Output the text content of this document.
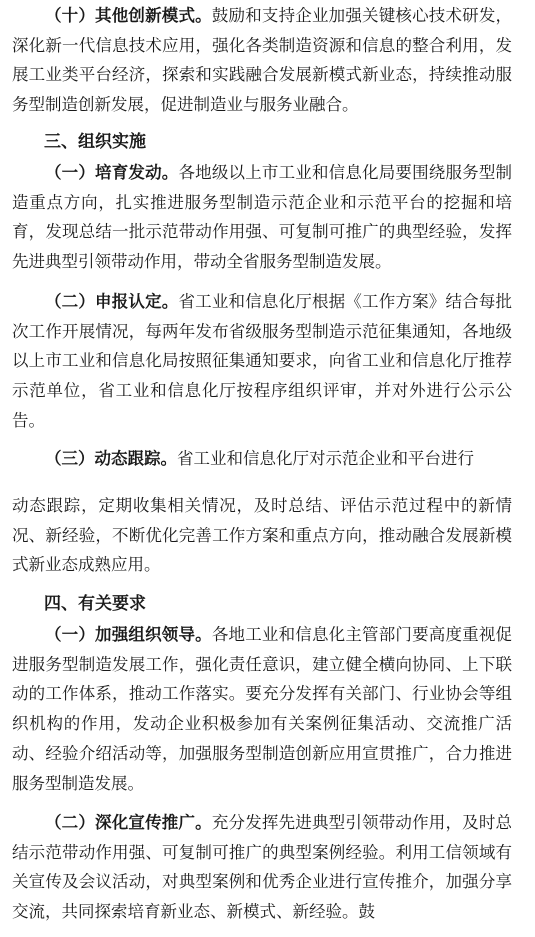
（十）其他创新模式。鼓励和支持企业加强关键核心技术研发，深化新一代信息技术应用，强化各类制造资源和信息的整合利用，发展工业类平台经济，探索和实践融合发展新模式新业态，持续推动服务型制造创新发展，促进制造业与服务业融合。

三、组织实施

（一）培育发动。各地级以上市工业和信息化局要围绕服务型制造重点方向，扎实推进服务型制造示范企业和示范平台的挖掘和培育，发现总结一批示范带动作用强、可复制可推广的典型经验，发挥先进典型引领带动作用，带动全省服务型制造发展。

（二）申报认定。省工业和信息化厅根据《工作方案》结合每批次工作开展情况，每两年发布省级服务型制造示范征集通知，各地级以上市工业和信息化局按照征集通知要求，向省工业和信息化厅推荐示范单位，省工业和信息化厅按程序组织评审，并对外进行公示公告。

（三）动态跟踪。省工业和信息化厅对示范企业和平台进行

动态跟踪，定期收集相关情况，及时总结、评估示范过程中的新情况、新经验，不断优化完善工作方案和重点方向，推动融合发展新模式新业态成熟应用。

四、有关要求

（一）加强组织领导。各地工业和信息化主管部门要高度重视促进服务型制造发展工作，强化责任意识，建立健全横向协同、上下联动的工作体系，推动工作落实。要充分发挥有关部门、行业协会等组织机构的作用，发动企业积极参加有关案例征集活动、交流推广活动、经验介绍活动等，加强服务型制造创新应用宣贯推广，合力推进服务型制造发展。

（二）深化宣传推广。充分发挥先进典型引领带动作用，及时总结示范带动作用强、可复制可推广的典型案例经验。利用工信领域有关宣传及会议活动，对典型案例和优秀企业进行宣传推介，加强分享交流，共同探索培育新业态、新模式、新经验。鼓
